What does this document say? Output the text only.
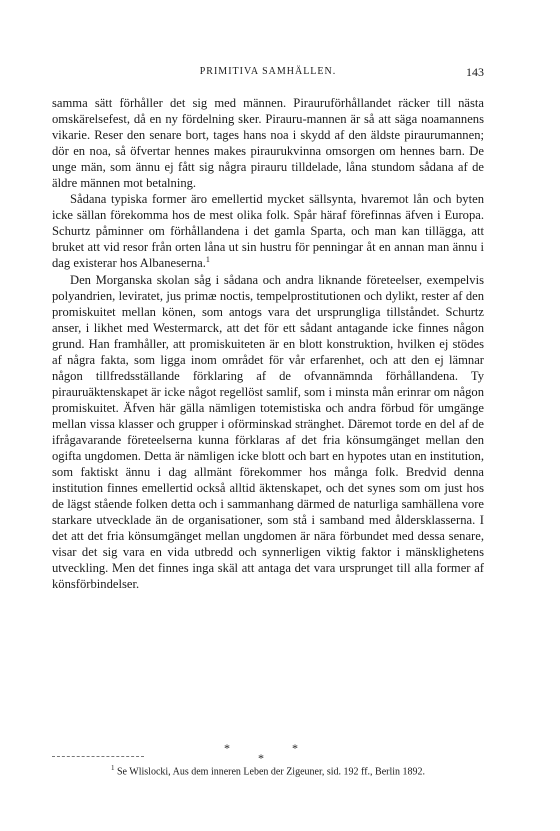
PRIMITIVA SAMHÄLLEN.	143

samma sätt förhåller det sig med männen. Pirauruförhållandet räcker till nästa omskärelsefest, då en ny fördelning sker. Pirauru-mannen är så att säga noamannens vikarie. Reser den senare bort, tages hans noa i skydd af den äldste piraurumannen; dör en noa, så öfvertar hennes makes piraurukvinna omsorgen om hennes barn. De unge män, som ännu ej fått sig några pirauru tilldelade, låna stundom sådana af de äldre männen mot betalning.

Sådana typiska former äro emellertid mycket sällsynta, hvaremot lån och byten icke sällan förekomma hos de mest olika folk. Spår häraf förefinnas äfven i Europa. Schurtz påminner om förhållandena i det gamla Sparta, och man kan tillägga, att bruket att vid resor från orten låna ut sin hustru för penningar åt en annan man ännu i dag existerar hos Albaneserna.$^1$

Den Morganska skolan såg i sådana och andra liknande företeelser, exempelvis polyandrien, leviratet, jus primæ noctis, tempelprostitutionen och dylikt, rester af den promiskuitet mellan könen, som antogs vara det ursprungliga tillståndet. Schurtz anser, i likhet med Westermarck, att det för ett sådant antagande icke finnes någon grund. Han framhåller, att promiskuiteten är en blott konstruktion, hvilken ej stödes af några fakta, som ligga inom området för vår erfarenhet, och att den ej lämnar någon tillfredsställande förklaring af de ofvannämnda förhållandena. Ty pirauruäktenskapet är icke något regellöst samlif, som i minsta mån erinrar om någon promiskuitet. Äfven här gälla nämligen totemistiska och andra förbud för umgänge mellan vissa klasser och grupper i oförminskad stränghet. Däremot torde en del af de ifrågavarande företeelserna kunna förklaras af det fria könsumgänget mellan den ogifta ungdomen. Detta är nämligen icke blott och bart en hypotes utan en institution, som faktiskt ännu i dag allmänt förekommer hos många folk. Bredvid denna institution finnes emellertid också alltid äktenskapet, och det synes som om just hos de lägst stående folken detta och i sammanhang därmed de naturliga samhällena vore starkare utvecklade än de organisationer, som stå i samband med åldersklasserna. I det att det fria könsumgänget mellan ungdomen är nära förbundet med dessa senare, visar det sig vara en vida utbredd och synnerligen viktig faktor i mänsklighetens utveckling. Men det finnes inga skäl att antaga det vara ursprunget till alla former af könsförbindelser.

*	*
*
$^1$ Se Wlislocki, Aus dem inneren Leben der Zigeuner, sid. 192 ff., Berlin 1892.
